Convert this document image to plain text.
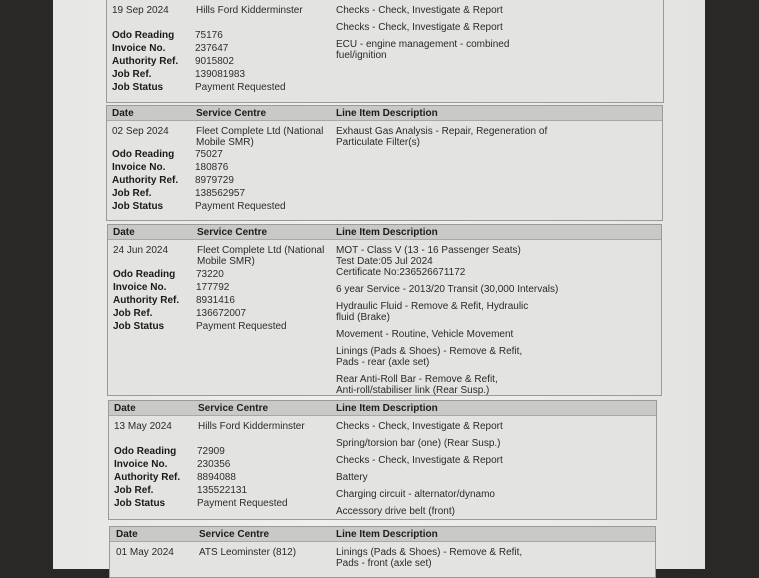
19 Sep 2024	Hills Ford Kidderminster
Odo Reading 75176
Invoice No.	237647
Authority Ref. 9015802
Job Ref.	139081983
Job Status	Payment Requested
Checks - Check, Investigate & Report
Checks - Check, Investigate & Report
ECU - engine management - combined fuel/ignition
Date	Service Centre	Line Item Description
02 Sep 2024	Fleet Complete Ltd (National Mobile SMR)
Odo Reading 75027
Invoice No.	180876
Authority Ref. 8979729
Job Ref.	138562957
Job Status	Payment Requested
Exhaust Gas Analysis - Repair, Regeneration of Particulate Filter(s)
Date	Service Centre	Line Item Description
24 Jun 2024	Fleet Complete Ltd (National Mobile SMR)
Odo Reading 73220
Invoice No.	177792
Authority Ref. 8931416
Job Ref.	136672007
Job Status	Payment Requested
MOT - Class V (13 - 16 Passenger Seats)
Test Date:05 Jul 2024
Certificate No:236526671172
6 year Service - 2013/20 Transit (30,000 Intervals)
Hydraulic Fluid - Remove & Refit, Hydraulic fluid (Brake)
Movement - Routine, Vehicle Movement
Linings (Pads & Shoes) - Remove & Refit, Pads - rear (axle set)
Rear Anti-Roll Bar - Remove & Refit, Anti-roll/stabiliser link (Rear Susp.)
Date	Service Centre	Line Item Description
13 May 2024	Hills Ford Kidderminster
Odo Reading 72909
Invoice No.	230356
Authority Ref. 8894088
Job Ref.	135522131
Job Status	Payment Requested
Checks - Check, Investigate & Report
Spring/torsion bar (one) (Rear Susp.)
Checks - Check, Investigate & Report
Battery
Charging circuit - alternator/dynamo
Accessory drive belt (front)
Date	Service Centre	Line Item Description
01 May 2024	ATS Leominster (812)	Linings (Pads & Shoes) - Remove & Refit, Pads - front (axle set)
